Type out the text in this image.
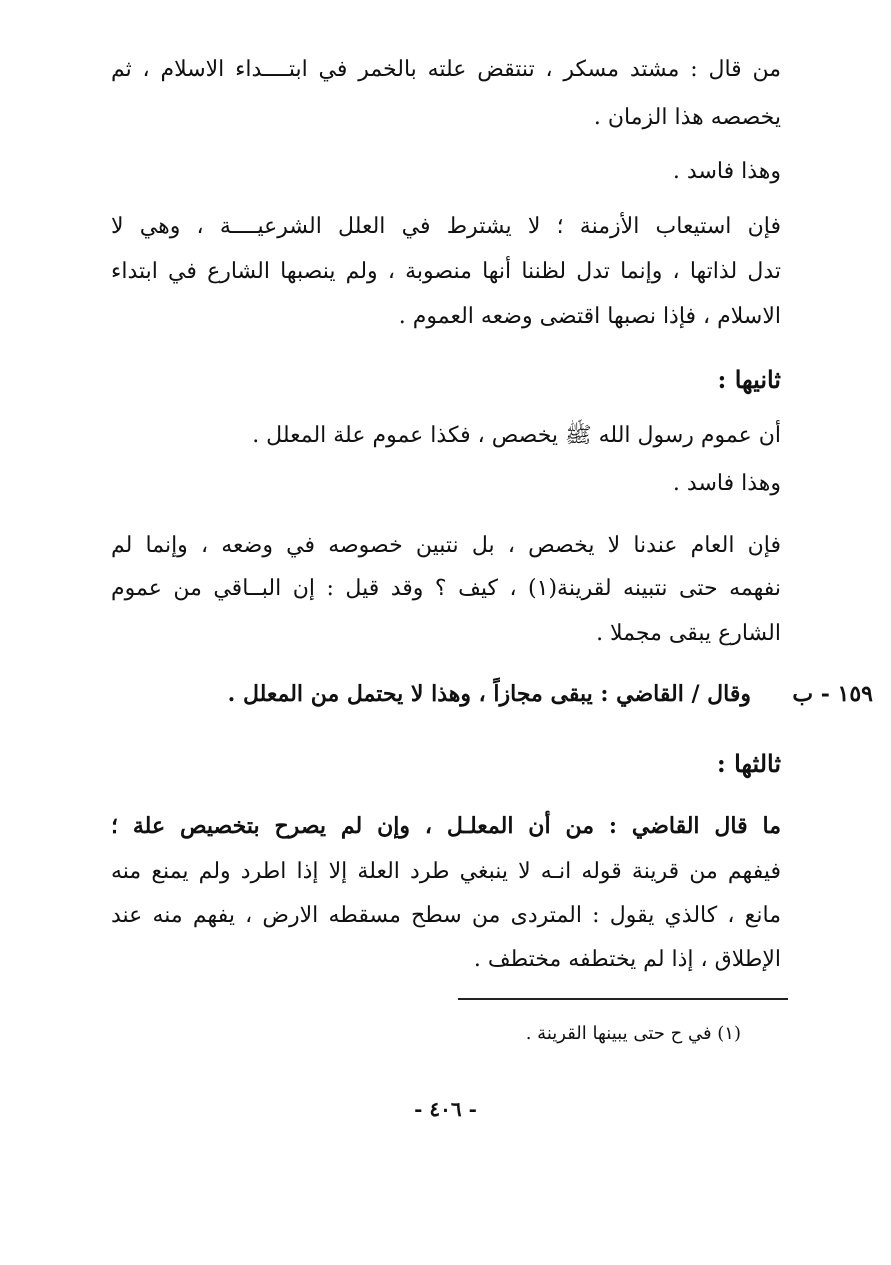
من قال : مشتد مسكر ، تنتقض علته بالخمر في ابتــــداء الاسلام ، ثم
يخصصه هذا الزمان .
وهذا فاسد .
فإن استيعاب الأزمنة ؛ لا يشترط في العلل الشرعيــــة ، وهي لا
تدل لذاتها ، وإنما تدل لظننا أنها منصوبة ، ولم ينصبها الشارع في ابتداء
الاسلام ، فإذا نصبها اقتضى وضعه العموم .
ثانيها :
أن عموم رسول الله ﷺ يخصص ، فكذا عموم علة المعلل .
وهذا فاسد .
فإن العام عندنا لا يخصص ، بل نتبين خصوصه في وضعه ، وإنما لم
نفهمه حتى نتبينه لقرينة(١) ، كيف ؟ وقد قيل : إن البــاقي من عموم
الشارع يبقى مجملا .
وقال / القاضي : يبقى مجازاً ، وهذا لا يحتمل من المعلل . ١٥٩ - ب
ثالثها :
ما قال القاضي : من أن المعلـل ، وإن لم يصرح بتخصيص علة ؛
فيفهم من قرينة قوله انـه لا ينبغي طرد العلة إلا إذا اطرد ولم يمنع منه
مانع ، كالذي يقول : المتردى من سطح مسقطه الارض ، يفهم منه عند
الإطلاق ، إذا لم يختطفه مختطف .
(١) في ح حتى يبينها القرينة .
- ٤٠٦ -
